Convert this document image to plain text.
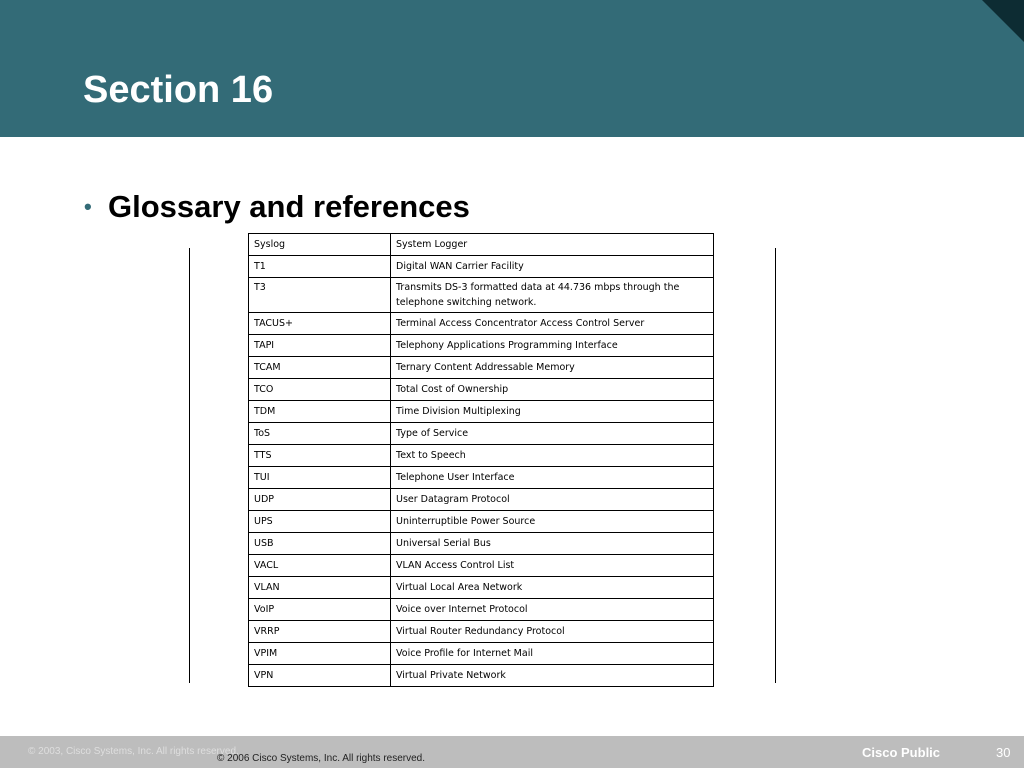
Section 16
• Glossary and references
Syslog	System Logger
T1	Digital WAN Carrier Facility
T3	Transmits DS-3 formatted data at 44.736 mbps through the telephone switching network.
TACUS+	Terminal Access Concentrator Access Control Server
TAPI	Telephony Applications Programming Interface
TCAM	Ternary Content Addressable Memory
TCO	Total Cost of Ownership
TDM	Time Division Multiplexing
ToS	Type of Service
TTS	Text to Speech
TUI	Telephone User Interface
UDP	User Datagram Protocol
UPS	Uninterruptible Power Source
USB	Universal Serial Bus
VACL	VLAN Access Control List
VLAN	Virtual Local Area Network
VoIP	Voice over Internet Protocol
VRRP	Virtual Router Redundancy Protocol
VPIM	Voice Profile for Internet Mail
VPN	Virtual Private Network
© 2003, Cisco Systems, Inc. All rights reserved.
© 2006 Cisco Systems, Inc. All rights reserved.	Cisco Public	30
